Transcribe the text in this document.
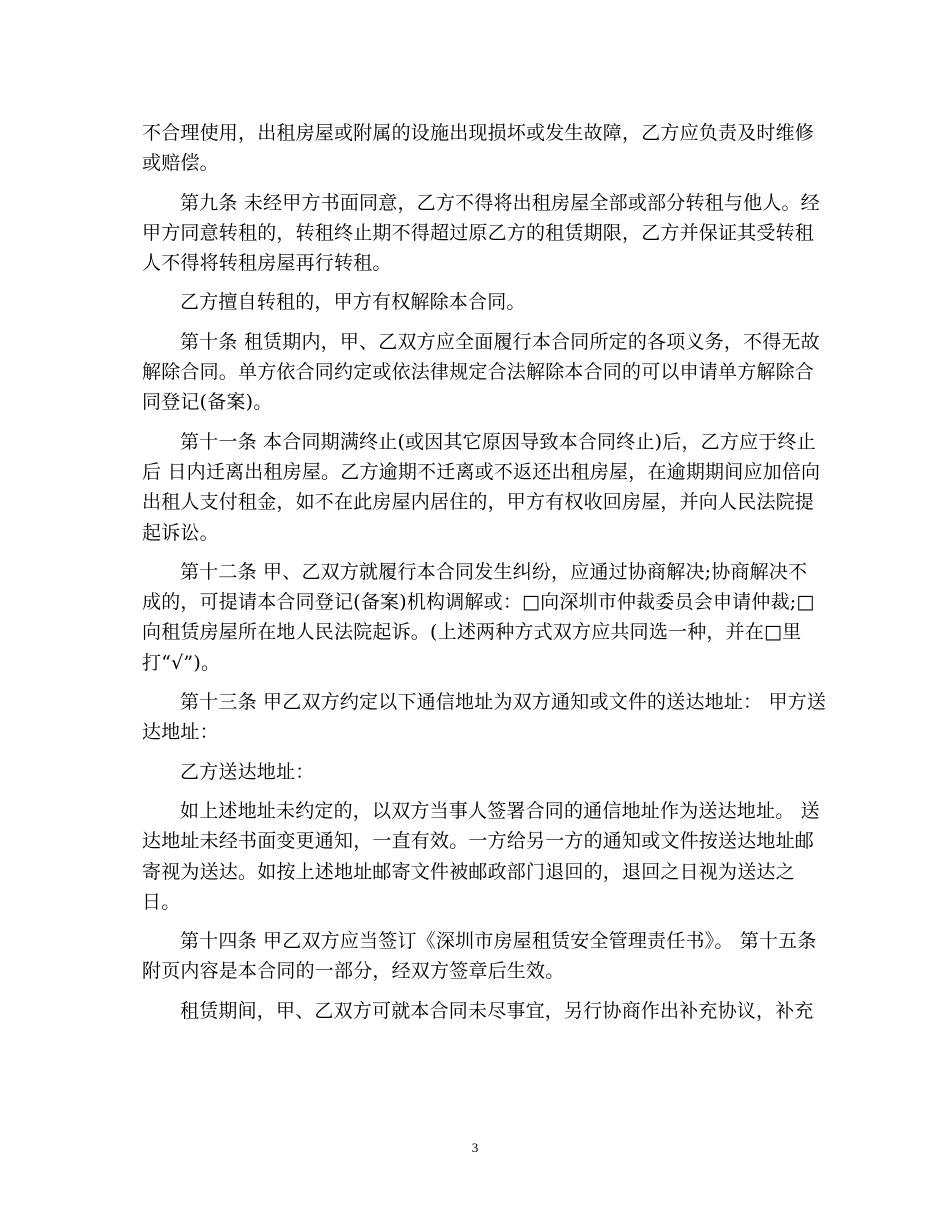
不合理使用，出租房屋或附属的设施出现损坏或发生故障，乙方应负责及时维修
或赔偿。
第九条 未经甲方书面同意，乙方不得将出租房屋全部或部分转租与他人。经
甲方同意转租的，转租终止期不得超过原乙方的租赁期限，乙方并保证其受转租
人不得将转租房屋再行转租。
乙方擅自转租的，甲方有权解除本合同。
第十条 租赁期内，甲、乙双方应全面履行本合同所定的各项义务，不得无故
解除合同。单方依合同约定或依法律规定合法解除本合同的可以申请单方解除合
同登记(备案)。
第十一条 本合同期满终止(或因其它原因导致本合同终止)后，乙方应于终止
后 日内迁离出租房屋。乙方逾期不迁离或不返还出租房屋，在逾期期间应加倍向
出租人支付租金，如不在此房屋内居住的，甲方有权收回房屋，并向人民法院提
起诉讼。
第十二条 甲、乙双方就履行本合同发生纠纷，应通过协商解决;协商解决不
成的，可提请本合同登记(备案)机构调解或：□向深圳市仲裁委员会申请仲裁;□
向租赁房屋所在地人民法院起诉。(上述两种方式双方应共同选一种，并在□里
打“√”)。
第十三条 甲乙双方约定以下通信地址为双方通知或文件的送达地址： 甲方送
达地址：
乙方送达地址：
如上述地址未约定的，以双方当事人签署合同的通信地址作为送达地址。 送
达地址未经书面变更通知，一直有效。一方给另一方的通知或文件按送达地址邮
寄视为送达。如按上述地址邮寄文件被邮政部门退回的，退回之日视为送达之
日。
第十四条 甲乙双方应当签订《深圳市房屋租赁安全管理责任书》。 第十五条
附页内容是本合同的一部分，经双方签章后生效。
租赁期间，甲、乙双方可就本合同未尽事宜，另行协商作出补充协议，补充
3
